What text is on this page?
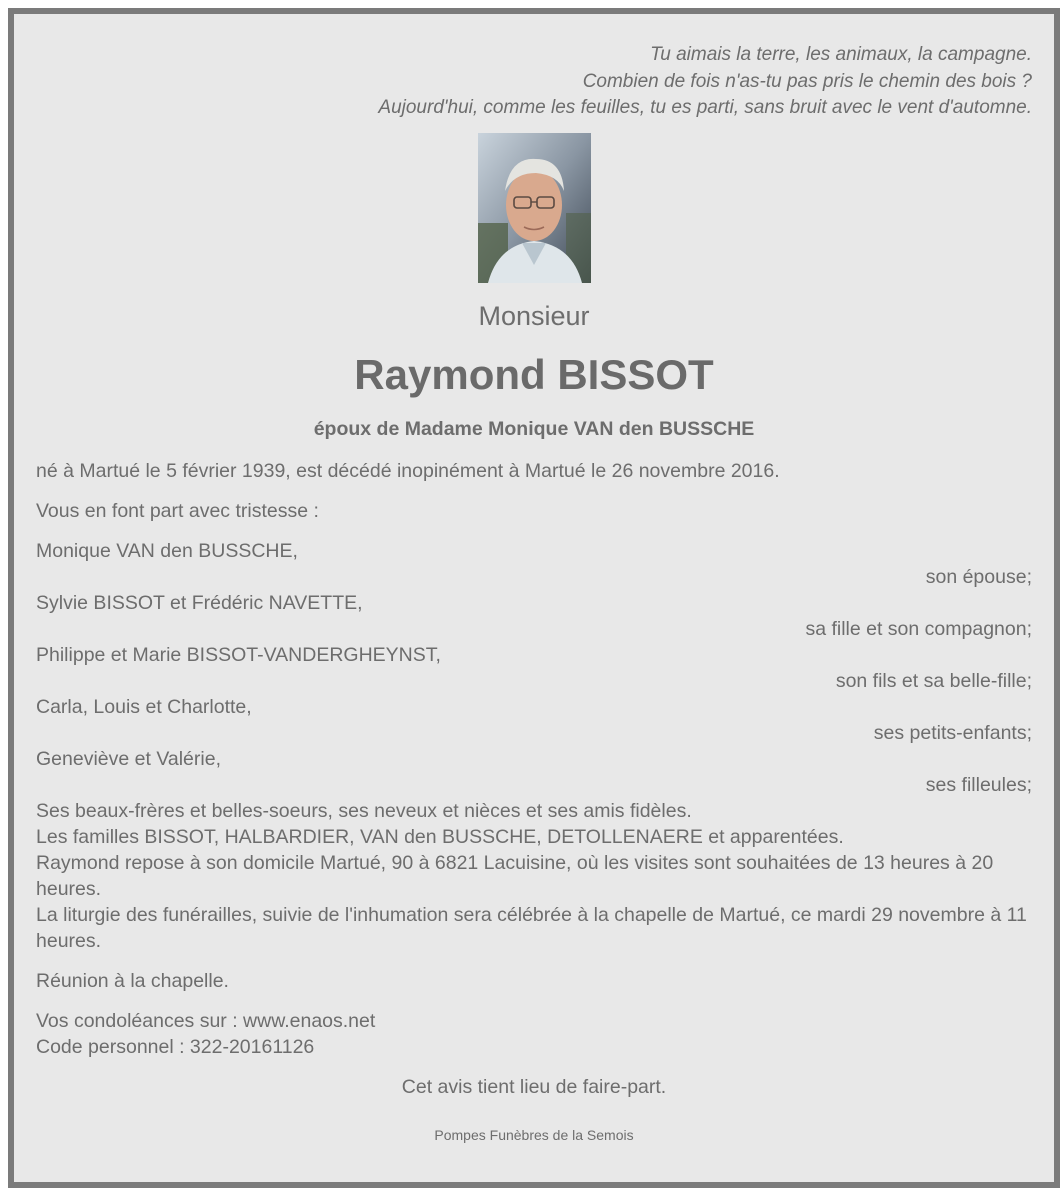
Tu aimais la terre, les animaux, la campagne.
Combien de fois n'as-tu pas pris le chemin des bois ?
Aujourd'hui, comme les feuilles, tu es parti, sans bruit avec le vent d'automne.
Monsieur
Raymond BISSOT
époux de Madame Monique VAN den BUSSCHE

né à Martué le 5 février 1939, est décédé inopinément à Martué le 26 novembre 2016.

Vous en font part avec tristesse :

Monique VAN den BUSSCHE,

son épouse;

Sylvie BISSOT et Frédéric NAVETTE,

sa fille et son compagnon;

Philippe et Marie BISSOT-VANDERGHEYNST,

son fils et sa belle-fille;

Carla, Louis et Charlotte,

ses petits-enfants;

Geneviève et Valérie,

ses filleules;

Ses beaux-frères et belles-soeurs, ses neveux et nièces et ses amis fidèles.

Les familles BISSOT, HALBARDIER, VAN den BUSSCHE, DETOLLENAERE et apparentées.

Raymond repose à son domicile Martué, 90 à 6821 Lacuisine, où les visites sont souhaitées de 13 heures à 20 heures.

La liturgie des funérailles, suivie de l'inhumation sera célébrée à la chapelle de Martué, ce mardi 29 novembre à 11 heures.

Réunion à la chapelle.

Vos condoléances sur : www.enaos.net

Code personnel : 322-20161126

Cet avis tient lieu de faire-part.

Pompes Funèbres de la Semois
